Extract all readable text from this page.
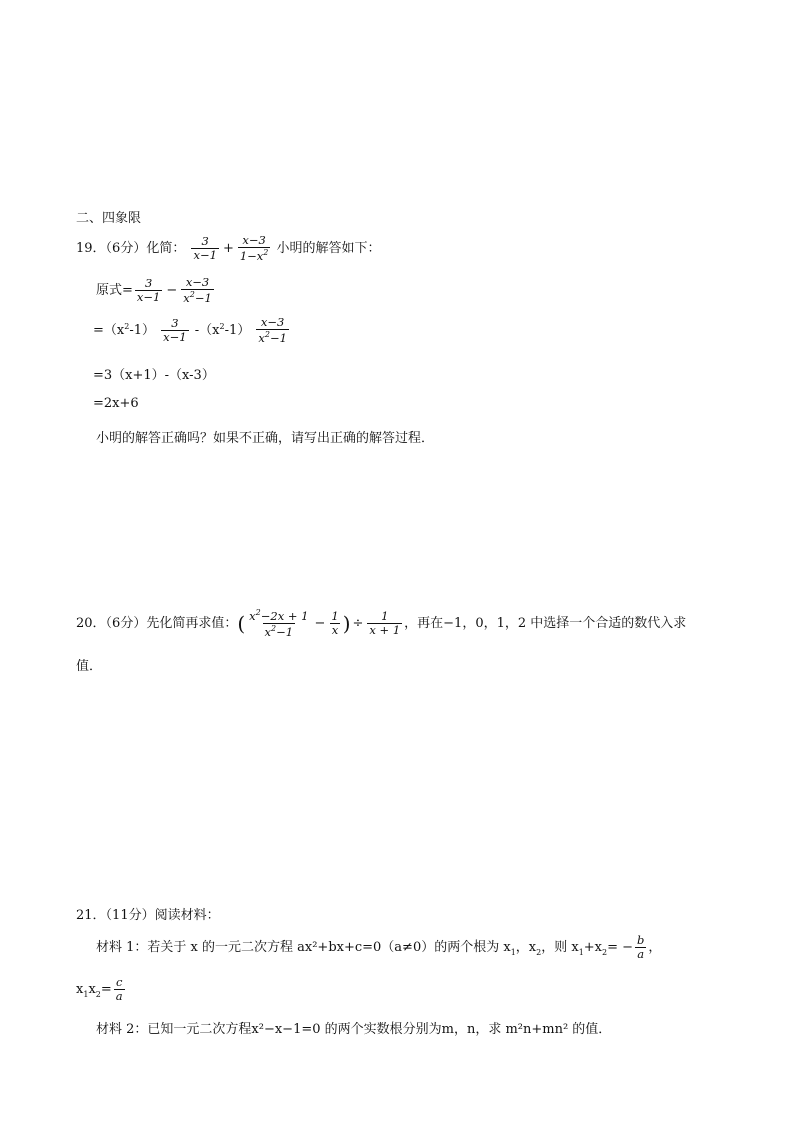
二、四象限
19．（6分）化简： $\frac{3}{x-1} + \frac{x-3}{1-x^2}$ 小明的解答如下：
原式= $\frac{3}{x-1} - \frac{x-3}{x^2-1}$
$=(x^2-1) \frac{3}{x-1} -(x^2-1) \frac{x-3}{x^2-1}$
=3（x+1）-（x-3）
=2x+6
小明的解答正确吗？如果不正确，请写出正确的解答过程．
20．（6分）先化简再求值：( $\frac{x^2-2x + 1}{x^2-1} - \frac{1}{x}$ ) ÷ $\frac{1}{x + 1}$ ，再在−1，0，1，2 中选择一个合适的数代入求
值．
21．（11分）阅读材料：
材料 1：若关于 x 的一元二次方程 ax²+bx+c=0（a≠0）的两个根为 $x_1$，$x_2$，则 $x_1+x_2= - \frac{b}{a}$ ，
$x_1x_2= \frac{c}{a}$
材料 2：已知一元二次方程x²−x−1=0 的两个实数根分别为m，n，求 m²n+mn² 的值．
